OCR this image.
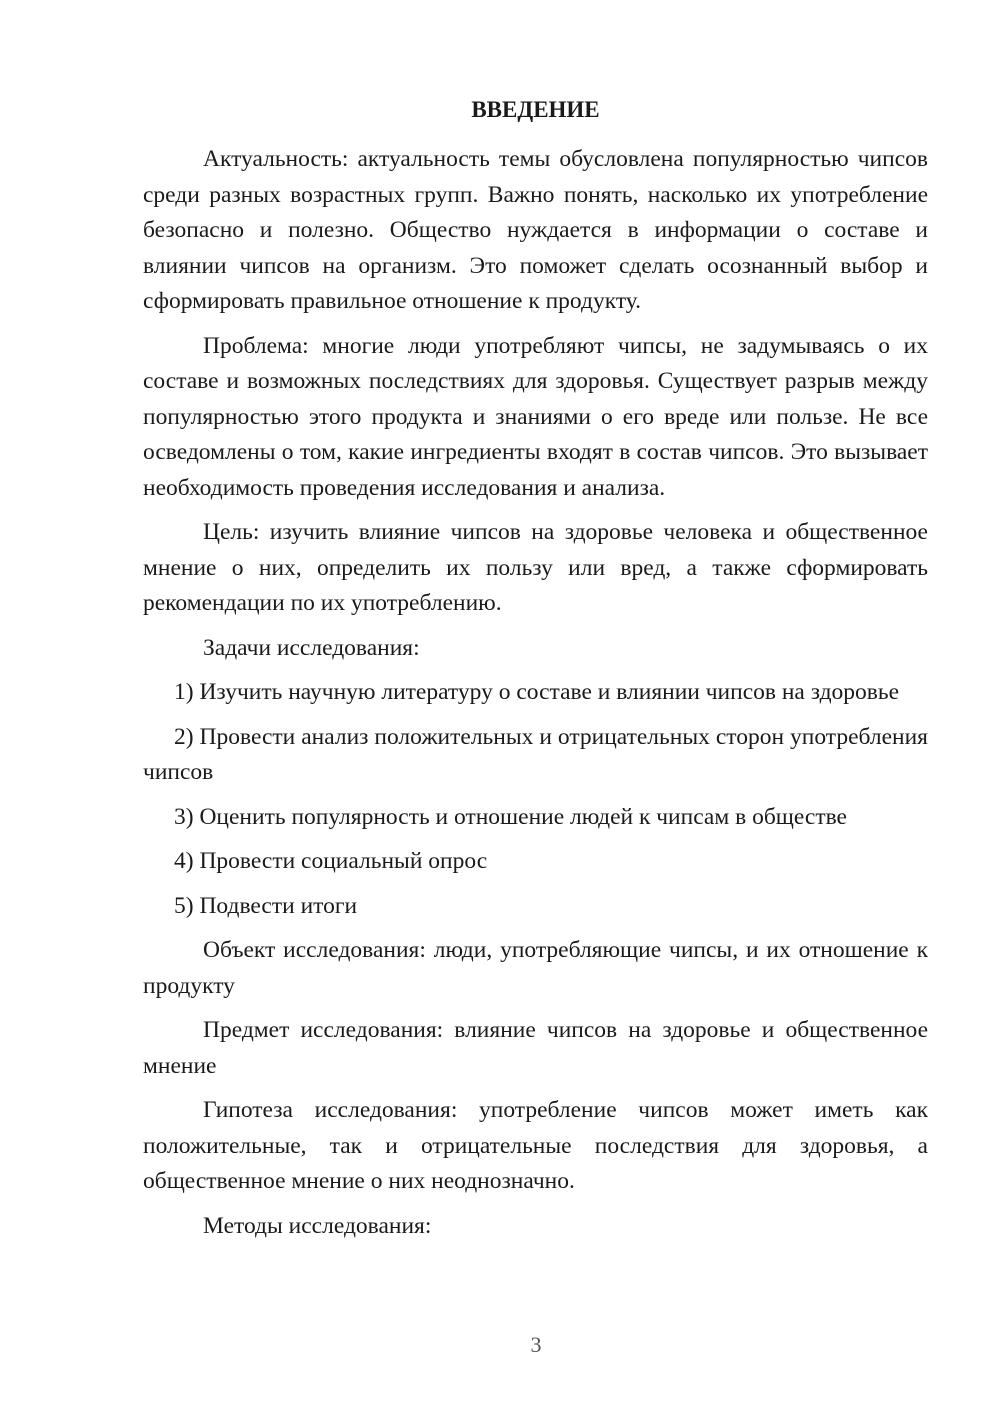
ВВЕДЕНИЕ

Актуальность: актуальность темы обусловлена популярностью чипсов среди разных возрастных групп. Важно понять, насколько их употребление безопасно и полезно. Общество нуждается в информации о составе и влиянии чипсов на организм. Это поможет сделать осознанный выбор и сформировать правильное отношение к продукту.

Проблема: многие люди употребляют чипсы, не задумываясь о их составе и возможных последствиях для здоровья. Существует разрыв между популярностью этого продукта и знаниями о его вреде или пользе. Не все осведомлены о том, какие ингредиенты входят в состав чипсов. Это вызывает необходимость проведения исследования и анализа.

Цель: изучить влияние чипсов на здоровье человека и общественное мнение о них, определить их пользу или вред, а также сформировать рекомендации по их употреблению.

Задачи исследования:

1) Изучить научную литературу о составе и влиянии чипсов на здоровье

2) Провести анализ положительных и отрицательных сторон употребления чипсов

3) Оценить популярность и отношение людей к чипсам в обществе

4) Провести социальный опрос

5) Подвести итоги

Объект исследования: люди, употребляющие чипсы, и их отношение к продукту

Предмет исследования: влияние чипсов на здоровье и общественное мнение

Гипотеза исследования: употребление чипсов может иметь как положительные, так и отрицательные последствия для здоровья, а общественное мнение о них неоднозначно.

Методы исследования:

3
